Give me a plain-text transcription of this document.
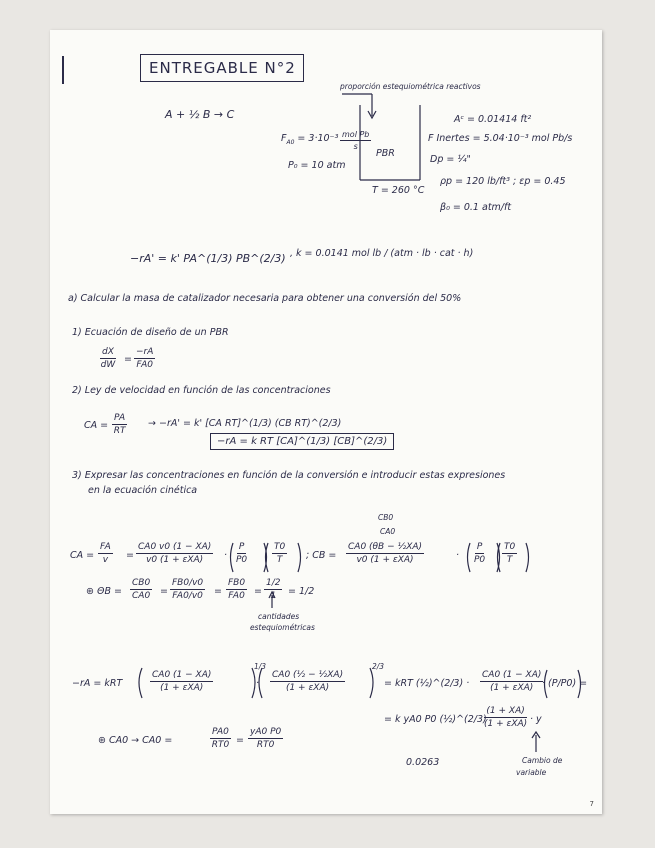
ENTREGABLE N°2
A + ½ B → C
proporción estequiométrica reactivos
$F_{A0} = 3\cdot 10^{-3}$ mol Pb
s
P₀ = 10 atm
PBR
T = 260 °C
Aᶜ = 0.01414 ft²
F Inertes = 5.04·10⁻³ mol Pb/s
Dp = ¼"
ρp = 120 lb/ft³ ; εp = 0.45
β₀ = 0.1 atm/ft
−rA' = k' PA^(1/3) PB^(2/3) , k = 0.0141 mol lb / (atm · lb · cat · h)
a) Calcular la masa de catalizador necesaria para obtener una conversión del 50%
1) Ecuación de diseño de un PBR
$\frac{dX}{dW} = \frac{-rA}{FA0}$
2) Ley de velocidad en función de las concentraciones
CA = $\frac{PA}{RT} \to -rA' = k'$ [CA RT]^(1/3) (CB RT)^(2/3)
−rA = k RT [CA]^(1/3) [CB]^(2/3)
3) Expresar las concentraciones en función de la conversión e introducir estas expresiones
en la ecuación cinética
CA = $\frac{FA}{v}$ =
CA0 v0 (1 − XA)
v0 $(1 + \varepsilon XA) \cdot \frac{P}{P0}$	$\frac{T0}{T}$
CB0
CA0
; CB =
CA0 (θB − ½XA)
v0 (1 + εXA)	· $\frac{P}{P0} \frac{T0}{T}$
⊛ $\Theta B = \frac{CB0}{CA0} = \frac{FB0/v0}{FA0/v0} = \frac{FB0}{FA0} = \frac{1/2}{1} = 1/2$
cantidades
estequiométricas
−rA = kRT
CA0 (1 − XA)
(1 + εXA)
1/3
·
CA0 (½ − ½XA)
(1 + εXA)
2/3
= kRT (½)^(2/3) ·
CA0 (1 − XA)
(1 + εXA) · (P/P0) =
= k yA0 P0 (½)^(2/3)
(1 + XA)
(1 + εXA) · y
⊛ CA0 → CA0 =	$\frac{PA0}{RT0} = \frac{yA0 P0}{RT0}$
0.0263	Cambio de
variable
7
